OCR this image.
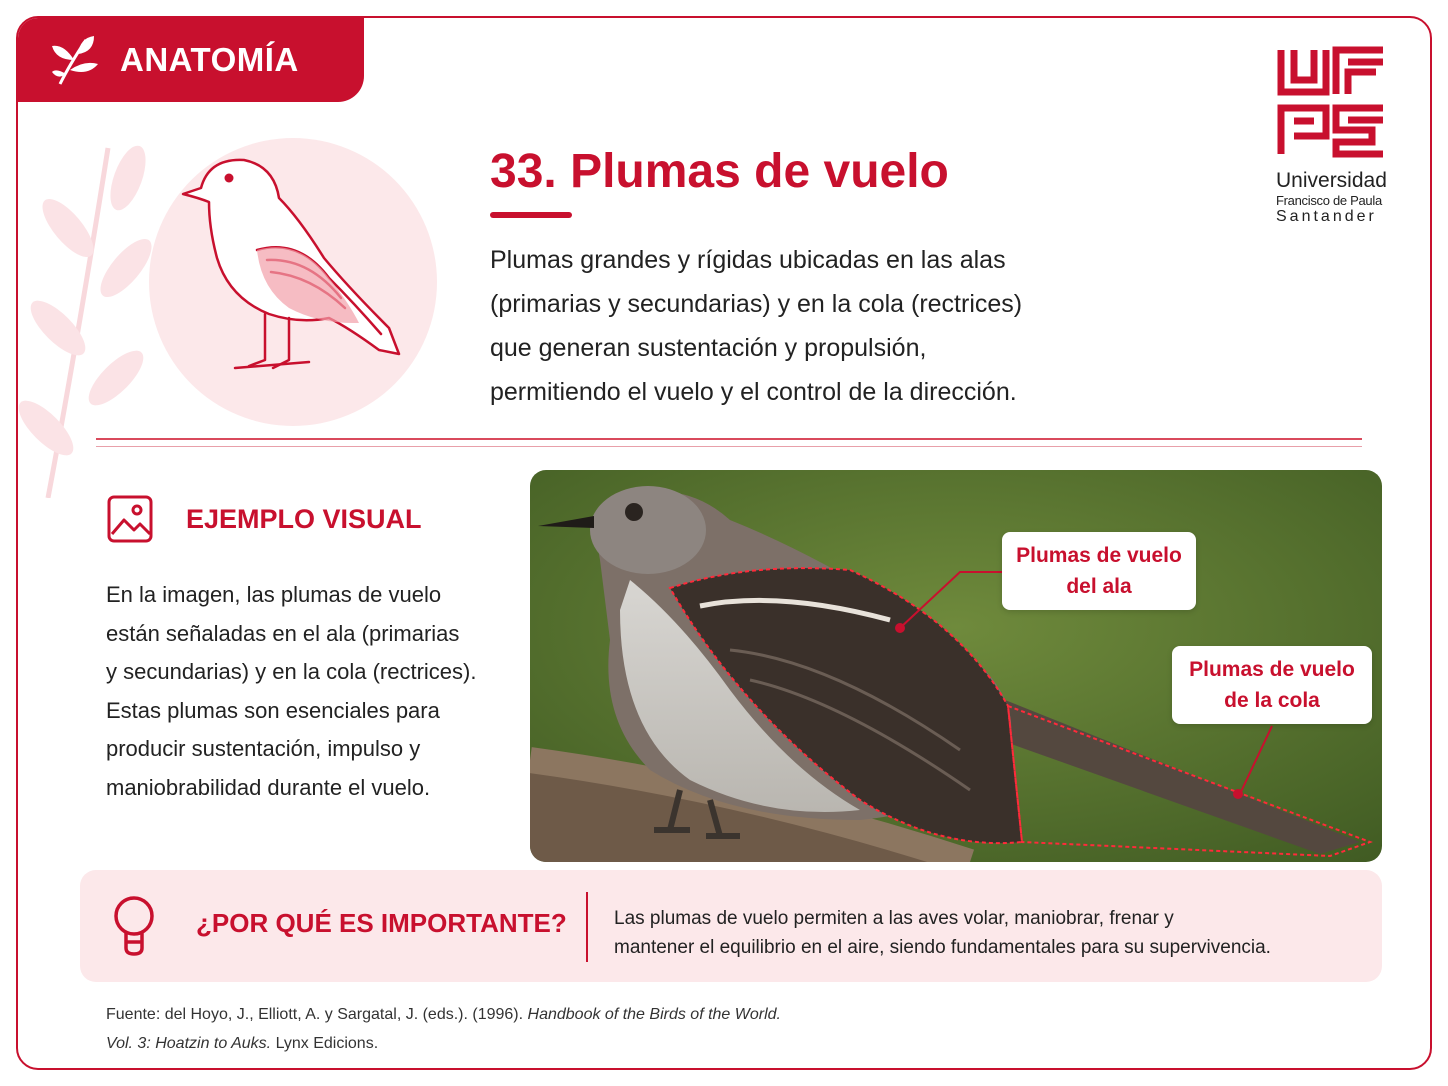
ANATOMÍA
Universidad
Francisco de Paula
Santander
33. Plumas de vuelo
Plumas grandes y rígidas ubicadas en las alas
(primarias y secundarias) y en la cola (rectrices)
que generan sustentación y propulsión,
permitiendo el vuelo y el control de la dirección.
EJEMPLO VISUAL
En la imagen, las plumas de vuelo
están señaladas en el ala (primarias
y secundarias) y en la cola (rectrices).
Estas plumas son esenciales para
producir sustentación, impulso y
maniobrabilidad durante el vuelo.
Plumas de vuelo
del ala
Plumas de vuelo
de la cola
¿POR QUÉ ES IMPORTANTE? Las plumas de vuelo permiten a las aves volar, maniobrar, frenar y
mantener el equilibrio en el aire, siendo fundamentales para su supervivencia.
Fuente: del Hoyo, J., Elliott, A. y Sargatal, J. (eds.). (1996). Handbook of the Birds of the World.
Vol. 3: Hoatzin to Auks. Lynx Edicions.
